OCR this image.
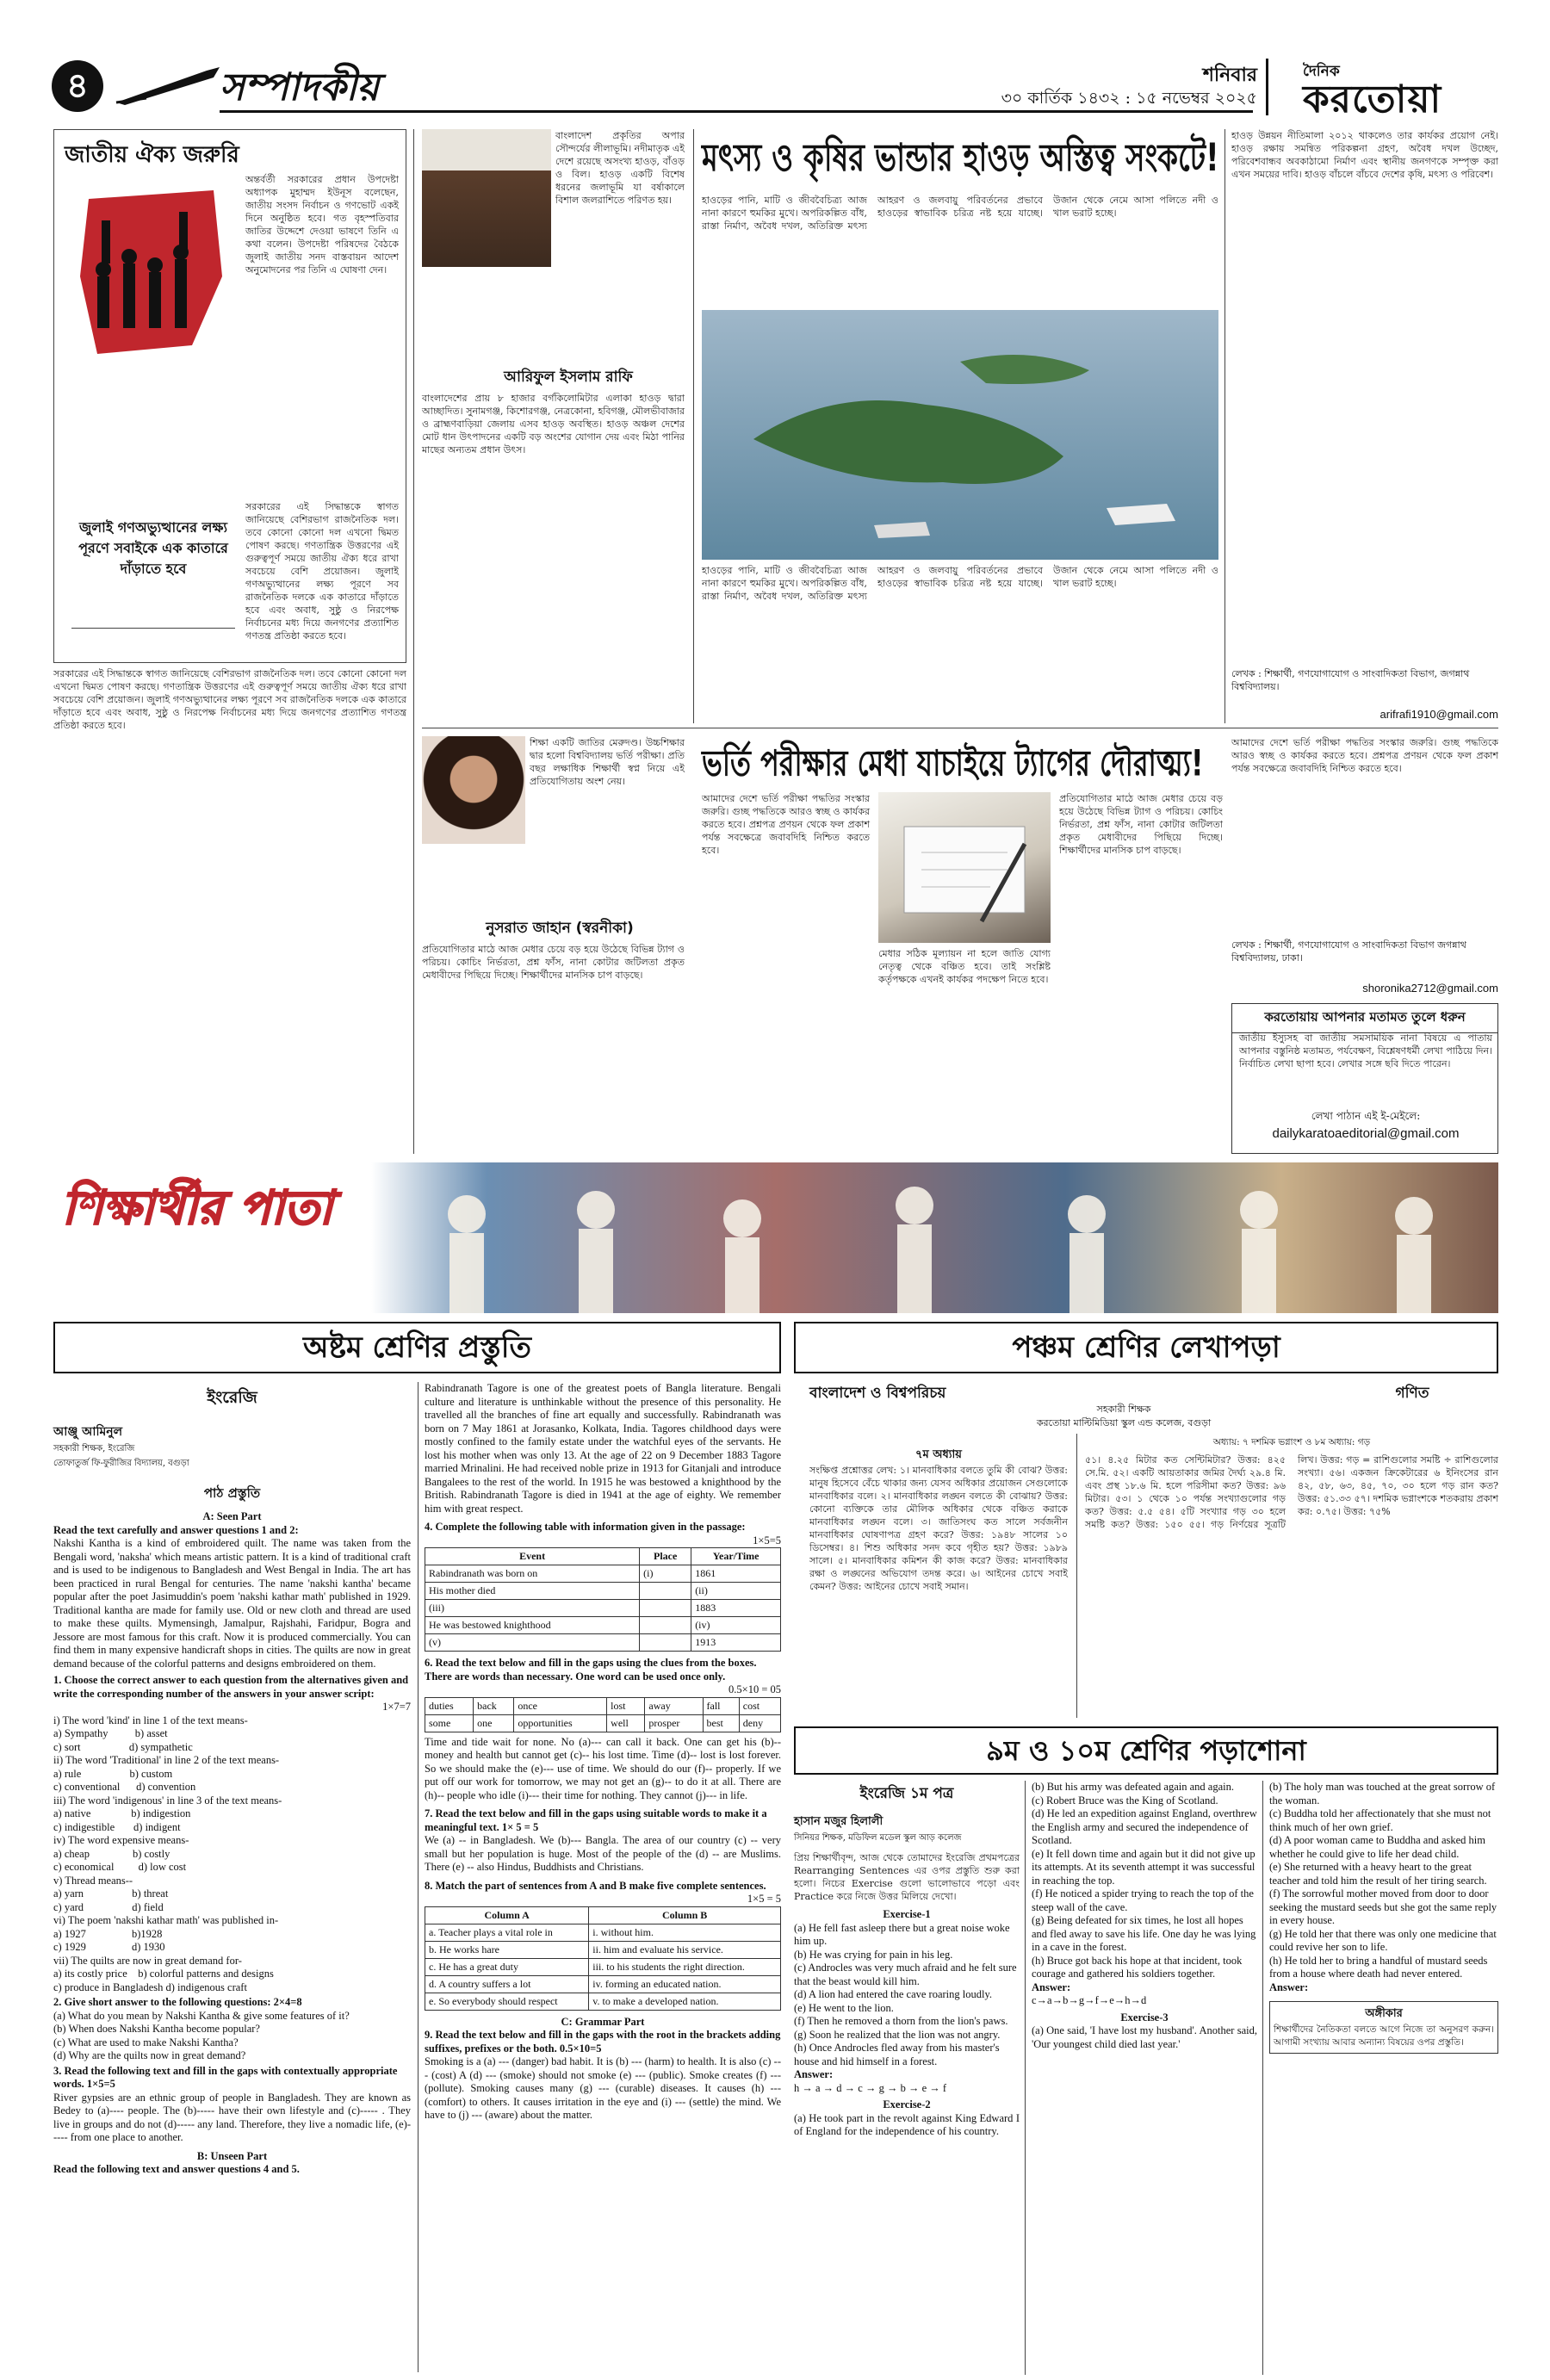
৪	সম্পাদকীয়	শনিবার
৩০ কার্তিক ১৪৩২ : ১৫ নভেম্বর ২০২৫
দৈনিক
করতোয়া
জাতীয় ঐক্য জরুরি
অন্তর্বর্তী সরকারের প্রধান উপদেষ্টা অধ্যাপক মুহাম্মদ ইউনূস বলেছেন, জাতীয় সংসদ নির্বাচন ও গণভোট একই দিনে অনুষ্ঠিত হবে। গত বৃহস্পতিবার জাতির উদ্দেশে দেওয়া ভাষণে তিনি এ কথা বলেন। উপদেষ্টা পরিষদের বৈঠকে জুলাই জাতীয় সনদ বাস্তবায়ন আদেশ অনুমোদনের পর তিনি এ ঘোষণা দেন।
জুলাই গণঅভ্যুত্থানের লক্ষ্য পূরণে সবাইকে এক কাতারে দাঁড়াতে হবে
সরকারের এই সিদ্ধান্তকে স্বাগত জানিয়েছে বেশিরভাগ রাজনৈতিক দল। তবে কোনো কোনো দল এখনো দ্বিমত পোষণ করছে। গণতান্ত্রিক উত্তরণের এই গুরুত্বপূর্ণ সময়ে জাতীয় ঐক্য ধরে রাখা সবচেয়ে বেশি প্রয়োজন। জুলাই গণঅভ্যুত্থানের লক্ষ্য পূরণে সব রাজনৈতিক দলকে এক কাতারে দাঁড়াতে হবে এবং অবাধ, সুষ্ঠু ও নিরপেক্ষ নির্বাচনের মধ্য দিয়ে জনগণের প্রত্যাশিত গণতন্ত্র প্রতিষ্ঠা করতে হবে।
সরকারের এই সিদ্ধান্তকে স্বাগত জানিয়েছে বেশিরভাগ রাজনৈতিক দল। তবে কোনো কোনো দল এখনো দ্বিমত পোষণ করছে। গণতান্ত্রিক উত্তরণের এই গুরুত্বপূর্ণ সময়ে জাতীয় ঐক্য ধরে রাখা সবচেয়ে বেশি প্রয়োজন। জুলাই গণঅভ্যুত্থানের লক্ষ্য পূরণে সব রাজনৈতিক দলকে এক কাতারে দাঁড়াতে হবে এবং অবাধ, সুষ্ঠু ও নিরপেক্ষ নির্বাচনের মধ্য দিয়ে জনগণের প্রত্যাশিত গণতন্ত্র প্রতিষ্ঠা করতে হবে।
আরিফুল ইসলাম রাফি
বাংলাদেশ প্রকৃতির অপার সৌন্দর্যের লীলাভূমি। নদীমাতৃক এই দেশে রয়েছে অসংখ্য হাওড়, বাঁওড় ও বিল। হাওড় একটি বিশেষ ধরনের জলাভূমি যা বর্ষাকালে বিশাল জলরাশিতে পরিণত হয়।
বাংলাদেশের প্রায় ৮ হাজার বর্গকিলোমিটার এলাকা হাওড় দ্বারা আচ্ছাদিত। সুনামগঞ্জ, কিশোরগঞ্জ, নেত্রকোনা, হবিগঞ্জ, মৌলভীবাজার ও ব্রাহ্মণবাড়িয়া জেলায় এসব হাওড় অবস্থিত। হাওড় অঞ্চল দেশের মোট ধান উৎপাদনের একটি বড় অংশের যোগান দেয় এবং মিঠা পানির মাছের অন্যতম প্রধান উৎস।
মৎস্য ও কৃষির ভান্ডার হাওড় অস্তিত্ব সংকটে!
হাওড়ের পানি, মাটি ও জীববৈচিত্র্য আজ নানা কারণে হুমকির মুখে। অপরিকল্পিত বাঁধ, রাস্তা নির্মাণ, অবৈধ দখল, অতিরিক্ত মৎস্য আহরণ ও জলবায়ু পরিবর্তনের প্রভাবে হাওড়ের স্বাভাবিক চরিত্র নষ্ট হয়ে যাচ্ছে। উজান থেকে নেমে আসা পলিতে নদী ও খাল ভরাট হচ্ছে।
হাওড়ের পানি, মাটি ও জীববৈচিত্র্য আজ নানা কারণে হুমকির মুখে। অপরিকল্পিত বাঁধ, রাস্তা নির্মাণ, অবৈধ দখল, অতিরিক্ত মৎস্য আহরণ ও জলবায়ু পরিবর্তনের প্রভাবে হাওড়ের স্বাভাবিক চরিত্র নষ্ট হয়ে যাচ্ছে। উজান থেকে নেমে আসা পলিতে নদী ও খাল ভরাট হচ্ছে।
হাওড় উন্নয়ন নীতিমালা ২০১২ থাকলেও তার কার্যকর প্রয়োগ নেই। হাওড় রক্ষায় সমন্বিত পরিকল্পনা গ্রহণ, অবৈধ দখল উচ্ছেদ, পরিবেশবান্ধব অবকাঠামো নির্মাণ এবং স্থানীয় জনগণকে সম্পৃক্ত করা এখন সময়ের দাবি। হাওড় বাঁচলে বাঁচবে দেশের কৃষি, মৎস্য ও পরিবেশ।
লেখক : শিক্ষার্থী, গণযোগাযোগ ও সাংবাদিকতা বিভাগ, জগন্নাথ বিশ্ববিদ্যালয়।
arifrafi1910@gmail.com
শিক্ষা একটি জাতির মেরুদণ্ড। উচ্চশিক্ষার দ্বার হলো বিশ্ববিদ্যালয় ভর্তি পরীক্ষা। প্রতি বছর লক্ষাধিক শিক্ষার্থী স্বপ্ন নিয়ে এই প্রতিযোগিতায় অংশ নেয়।
নুসরাত জাহান (স্বরনীকা)
প্রতিযোগিতার মাঠে আজ মেধার চেয়ে বড় হয়ে উঠেছে বিভিন্ন ট্যাগ ও পরিচয়। কোচিং নির্ভরতা, প্রশ্ন ফাঁস, নানা কোটার জটিলতা প্রকৃত মেধাবীদের পিছিয়ে দিচ্ছে। শিক্ষার্থীদের মানসিক চাপ বাড়ছে।
ভর্তি পরীক্ষার মেধা যাচাইয়ে ট্যাগের দৌরাত্ম্য!
আমাদের দেশে ভর্তি পরীক্ষা পদ্ধতির সংস্কার জরুরি। গুচ্ছ পদ্ধতিকে আরও স্বচ্ছ ও কার্যকর করতে হবে। প্রশ্নপত্র প্রণয়ন থেকে ফল প্রকাশ পর্যন্ত সবক্ষেত্রে জবাবদিহি নিশ্চিত করতে হবে।
মেধার সঠিক মূল্যায়ন না হলে জাতি যোগ্য নেতৃত্ব থেকে বঞ্চিত হবে। তাই সংশ্লিষ্ট কর্তৃপক্ষকে এখনই কার্যকর পদক্ষেপ নিতে হবে।
প্রতিযোগিতার মাঠে আজ মেধার চেয়ে বড় হয়ে উঠেছে বিভিন্ন ট্যাগ ও পরিচয়। কোচিং নির্ভরতা, প্রশ্ন ফাঁস, নানা কোটার জটিলতা প্রকৃত মেধাবীদের পিছিয়ে দিচ্ছে। শিক্ষার্থীদের মানসিক চাপ বাড়ছে।
আমাদের দেশে ভর্তি পরীক্ষা পদ্ধতির সংস্কার জরুরি। গুচ্ছ পদ্ধতিকে আরও স্বচ্ছ ও কার্যকর করতে হবে। প্রশ্নপত্র প্রণয়ন থেকে ফল প্রকাশ পর্যন্ত সবক্ষেত্রে জবাবদিহি নিশ্চিত করতে হবে।
লেখক : শিক্ষার্থী, গণযোগাযোগ ও সাংবাদিকতা বিভাগ জগন্নাথ বিশ্ববিদ্যালয়, ঢাকা।
shoronika2712@gmail.com
করতোয়ায় আপনার মতামত তুলে ধরুন
জাতীয় ইস্যুসহ বা জাতীয় সমসাময়িক নানা বিষয়ে এ পাতায় আপনার বস্তুনিষ্ঠ মতামত, পর্যবেক্ষণ, বিশ্লেষণধর্মী লেখা পাঠিয়ে দিন। নির্বাচিত লেখা ছাপা হবে। লেখার সঙ্গে ছবি দিতে পারেন।
লেখা পাঠান এই ই-মেইলে:
dailykaratoaeditorial@gmail.com
শিক্ষার্থীর পাতা
অষ্টম শ্রেণির প্রস্তুতি
ইংরেজি
আঞ্জু আমিনুল
সহকারী শিক্ষক, ইংরেজি
তোফাতুর্জ ফি-ফুরীজির বিদ্যালয়, বগুড়া
পাঠ প্রস্তুতি
A: Seen Part
Read the text carefully and answer questions 1 and 2:
Nakshi Kantha is a kind of embroidered quilt. The name was taken from the Bengali word, 'naksha' which means artistic pattern. It is a kind of traditional craft and is used to be indigenous to Bangladesh and West Bengal in India. The art has been practiced in rural Bengal for centuries. The name 'nakshi kantha' became popular after the poet Jasimuddin's poem 'nakshi kathar math' published in 1929. Traditional kantha are made for family use. Old or new cloth and thread are used to make these quilts. Mymensingh, Jamalpur, Rajshahi, Faridpur, Bogra and Jessore are most famous for this craft. Now it is produced commercially. You can find them in many expensive handicraft shops in cities. The quilts are now in great demand because of the colorful patterns and designs embroidered on them.
1. Choose the correct answer to each question from the alternatives given and write the corresponding number of the answers in your answer script:
1×7=7
i) The word 'kind' in line 1 of the text means-
a) Sympathy          b) asset
c) sort                  d) sympathetic
ii) The word 'Traditional' in line 2 of the text means-
a) rule                  b) custom
c) conventional      d) convention
iii) The word 'indigenous' in line 3 of the text means-
a) native               b) indigestion
c) indigestible       d) indigent
iv) The word expensive means-
a) cheap                b) costly
c) economical         d) low cost
v) Thread means--
a) yarn                  b) threat
c) yard                  d) field
vi) The poem 'nakshi kathar math' was published in-
a) 1927                 b)1928
c) 1929                 d) 1930
vii) The quilts are now in great demand for-
a) its costly price    b) colorful patterns and designs
c) produce in Bangladesh d) indigenous craft
2. Give short answer to the following questions: 2×4=8
(a) What do you mean by Nakshi Kantha & give some features of it?
(b) When does Nakshi Kantha become popular?
(c) What are used to make Nakshi Kantha?
(d) Why are the quilts now in great demand?
3. Read the following text and fill in the gaps with contextually appropriate words. 1×5=5
River gypsies are an ethnic group of people in Bangladesh. They are known as Bedey to (a)---- people. The (b)----- have their own lifestyle and (c)----- . They live in groups and do not (d)----- any land. Therefore, they live a nomadic life, (e)----- from one place to another.
B: Unseen Part
Read the following text and answer questions 4 and 5.
Rabindranath Tagore is one of the greatest poets of Bangla literature. Bengali culture and literature is unthinkable without the presence of this personality. He travelled all the branches of fine art equally and successfully. Rabindranath was born on 7 May 1861 at Jorasanko, Kolkata, India. Tagores childhood days were mostly confined to the family estate under the watchful eyes of the servants. He lost his mother when was only 13. At the age of 22 on 9 December 1883 Tagore married Mrinalini. He had received noble prize in 1913 for Gitanjali and introduce Bangalees to the rest of the world. In 1915 he was bestowed a knighthood by the British. Rabindranath Tagore is died in 1941 at the age of eighty. We remember him with great respect.
4. Complete the following table with information given in the passage:
1×5=5
Event	Place	Year/Time
Rabindranath was born on	(i)	1861
His mother died		(ii)
(iii)		1883
He was bestowed knighthood		(iv)
(v)		1913
6. Read the text below and fill in the gaps using the clues from the boxes. There are words than necessary. One word can be used once only.
0.5×10 = 05
duties	back	once	lost	away	fall	cost
some	one	opportunities	well	prosper	best	deny
Time and tide wait for none. No (a)--- can call it back. One can get his (b)-- money and health but cannot get (c)-- his lost time. Time (d)-- lost is lost forever. So we should make the (e)--- use of time. We should do our (f)-- properly. If we put off our work for tomorrow, we may not get an (g)-- to do it at all. There are (h)-- people who idle (i)--- their time for nothing. They cannot (j)--- in life.
7. Read the text below and fill in the gaps using suitable words to make it a meaningful text. 1× 5 = 5
We (a) -- in Bangladesh. We (b)--- Bangla. The area of our country (c) -- very small but her population is huge. Most of the people of the (d) -- are Muslims. There (e) -- also Hindus, Buddhists and Christians.
8. Match the part of sentences from A and B make five complete sentences.
1×5 = 5
Column A	Column B
a. Teacher plays a vital role in	i. without him.
b. He works hare	ii. him and evaluate his service.
c. He has a great duty	iii. to his students the right direction.
d. A country suffers a lot	iv. forming an educated nation.
e. So everybody should respect	v. to make a developed nation.
C: Grammar Part
9. Read the text below and fill in the gaps with the root in the brackets adding suffixes, prefixes or the both. 0.5×10=5
Smoking is a (a) --- (danger) bad habit. It is (b) --- (harm) to health. It is also (c) --- (cost) A (d) --- (smoke) should not smoke (e) --- (public). Smoke creates (f) --- (pollute). Smoking causes many (g) --- (curable) diseases. It causes (h) --- (comfort) to others. It causes irritation in the eye and (i) --- (settle) the mind. We have to (j) --- (aware) about the matter.
পঞ্চম শ্রেণির লেখাপড়া
বাংলাদেশ ও বিশ্বপরিচয়	গণিত
সহকারী শিক্ষক
করতোয়া মাল্টিমিডিয়া স্কুল এন্ড কলেজ, বগুড়া
৭ম অধ্যায়
সংক্ষিপ্ত প্রশ্নোত্তর লেখ: ১। মানবাধিকার বলতে তুমি কী বোঝ? উত্তর: মানুষ হিসেবে বেঁচে থাকার জন্য যেসব অধিকার প্রয়োজন সেগুলোকে মানবাধিকার বলে। ২। মানবাধিকার লঙ্ঘন বলতে কী বোঝায়? উত্তর: কোনো ব্যক্তিকে তার মৌলিক অধিকার থেকে বঞ্চিত করাকে মানবাধিকার লঙ্ঘন বলে। ৩। জাতিসংঘ কত সালে সর্বজনীন মানবাধিকার ঘোষণাপত্র গ্রহণ করে? উত্তর: ১৯৪৮ সালের ১০ ডিসেম্বর। ৪। শিশু অধিকার সনদ কবে গৃহীত হয়? উত্তর: ১৯৮৯ সালে। ৫। মানবাধিকার কমিশন কী কাজ করে? উত্তর: মানবাধিকার রক্ষা ও লঙ্ঘনের অভিযোগ তদন্ত করে। ৬। আইনের চোখে সবাই কেমন? উত্তর: আইনের চোখে সবাই সমান।
অধ্যায়: ৭ দশমিক ভগ্নাংশ ও ৮ম অধ্যায়: গড়
৫১। ৪.২৫ মিটার কত সেন্টিমিটার? উত্তর: ৪২৫ সে.মি. ৫২। একটি আয়তাকার জমির দৈর্ঘ্য ২৯.৪ মি. এবং প্রস্থ ১৮.৬ মি. হলে পরিসীমা কত? উত্তর: ৯৬ মিটার। ৫৩। ১ থেকে ১০ পর্যন্ত সংখ্যাগুলোর গড় কত? উত্তর: ৫.৫ ৫৪। ৫টি সংখ্যার গড় ৩০ হলে সমষ্টি কত? উত্তর: ১৫০ ৫৫। গড় নির্ণয়ের সূত্রটি লিখ। উত্তর: গড় = রাশিগুলোর সমষ্টি ÷ রাশিগুলোর সংখ্যা। ৫৬। একজন ক্রিকেটারের ৬ ইনিংসের রান ৪২, ৫৮, ৬৩, ৪৫, ৭০, ৩০ হলে গড় রান কত? উত্তর: ৫১.৩৩ ৫৭। দশমিক ভগ্নাংশকে শতকরায় প্রকাশ কর: ০.৭৫। উত্তর: ৭৫%
৯ম ও ১০ম শ্রেণির পড়াশোনা
ইংরেজি ১ম পত্র
হাসান মজুর হিলালী
সিনিয়র শিক্ষক, মডিফিল মডেল স্কুল আড় কলেজ
প্রিয় শিক্ষার্থীবৃন্দ, আজ থেকে তোমাদের ইংরেজি প্রথমপত্রের Rearranging Sentences এর ওপর প্রস্তুতি শুরু করা হলো। নিচের Exercise গুলো ভালোভাবে পড়ো এবং Practice করে নিজে উত্তর মিলিয়ে দেখো।
Exercise-1
(a) He fell fast asleep there but a great noise woke him up.
(b) He was crying for pain in his leg.
(c) Androcles was very much afraid and he felt sure that the beast would kill him.
(d) A lion had entered the cave roaring loudly.
(e) He went to the lion.
(f) Then he removed a thorn from the lion's paws.
(g) Soon he realized that the lion was not angry.
(h) Once Androcles fled away from his master's house and hid himself in a forest.
Answer:
h → a → d → c → g → b → e → f
Exercise-2
(a) He took part in the revolt against King Edward I of England for the independence of his country.
(b) But his army was defeated again and again.
(c) Robert Bruce was the King of Scotland.
(d) He led an expedition against England, overthrew the English army and secured the independence of Scotland.
(e) It fell down time and again but it did not give up its attempts. At its seventh attempt it was successful in reaching the top.
(f) He noticed a spider trying to reach the top of the steep wall of the cave.
(g) Being defeated for six times, he lost all hopes and fled away to save his life. One day he was lying in a cave in the forest.
(h) Bruce got back his hope at that incident, took courage and gathered his soldiers together.
Answer:
c→a→b→g→f→e→h→d
Exercise-3
(a) One said, 'I have lost my husband'. Another said, 'Our youngest child died last year.'
(b) The holy man was touched at the great sorrow of the woman.
(c) Buddha told her affectionately that she must not think much of her own grief.
(d) A poor woman came to Buddha and asked him whether he could give to life her dead child.
(e) She returned with a heavy heart to the great teacher and told him the result of her tiring search.
(f) The sorrowful mother moved from door to door seeking the mustard seeds but she got the same reply in every house.
(g) He told her that there was only one medicine that could revive her son to life.
(h) He told her to bring a handful of mustard seeds from a house where death had never entered.
Answer:
অঙ্গীকার
শিক্ষার্থীদের নৈতিকতা বলতে আগে নিজে তা অনুসরণ করুন। আগামী সংখ্যায় আবার অন্যান্য বিষয়ের ওপর প্রস্তুতি।
